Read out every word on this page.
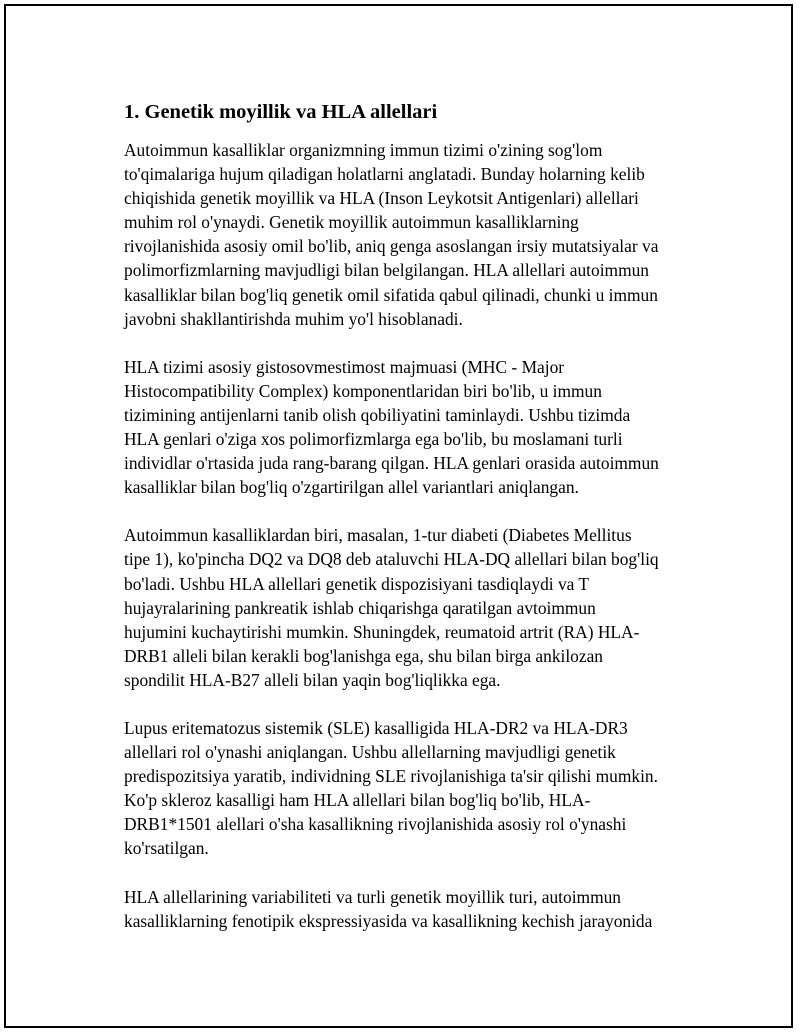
1. Genetik moyillik va HLA allellari

Autoimmun kasalliklar organizmning immun tizimi o'zining sog'lom
to'qimalariga hujum qiladigan holatlarni anglatadi. Bunday holarning kelib
chiqishida genetik moyillik va HLA (Inson Leykotsit Antigenlari) allellari
muhim rol o'ynaydi. Genetik moyillik autoimmun kasalliklarning
rivojlanishida asosiy omil bo'lib, aniq genga asoslangan irsiy mutatsiyalar va
polimorfizmlarning mavjudligi bilan belgilangan. HLA allellari autoimmun
kasalliklar bilan bog'liq genetik omil sifatida qabul qilinadi, chunki u immun
javobni shakllantirishda muhim yo'l hisoblanadi.

HLA tizimi asosiy gistosovmestimost majmuasi (MHC - Major
Histocompatibility Complex) komponentlaridan biri bo'lib, u immun
tizimining antijenlarni tanib olish qobiliyatini taminlaydi. Ushbu tizimda
HLA genlari o'ziga xos polimorfizmlarga ega bo'lib, bu moslamani turli
individlar o'rtasida juda rang-barang qilgan. HLA genlari orasida autoimmun
kasalliklar bilan bog'liq o'zgartirilgan allel variantlari aniqlangan.

Autoimmun kasalliklardan biri, masalan, 1-tur diabeti (Diabetes Mellitus
tipe 1), ko'pincha DQ2 va DQ8 deb ataluvchi HLA-DQ allellari bilan bog'liq
bo'ladi. Ushbu HLA allellari genetik dispozisiyani tasdiqlaydi va T
hujayralarining pankreatik ishlab chiqarishga qaratilgan avtoimmun
hujumini kuchaytirishi mumkin. Shuningdek, reumatoid artrit (RA) HLA-
DRB1 alleli bilan kerakli bog'lanishga ega, shu bilan birga ankilozan
spondilit HLA-B27 alleli bilan yaqin bog'liqlikka ega.

Lupus eritematozus sistemik (SLE) kasalligida HLA-DR2 va HLA-DR3
allellari rol o'ynashi aniqlangan. Ushbu allellarning mavjudligi genetik
predispozitsiya yaratib, individning SLE rivojlanishiga ta'sir qilishi mumkin.
Ko'p skleroz kasalligi ham HLA allellari bilan bog'liq bo'lib, HLA-
DRB1*1501 alellari o'sha kasallikning rivojlanishida asosiy rol o'ynashi
ko'rsatilgan.

HLA allellarining variabiliteti va turli genetik moyillik turi, autoimmun
kasalliklarning fenotipik ekspressiyasida va kasallikning kechish jarayonida
